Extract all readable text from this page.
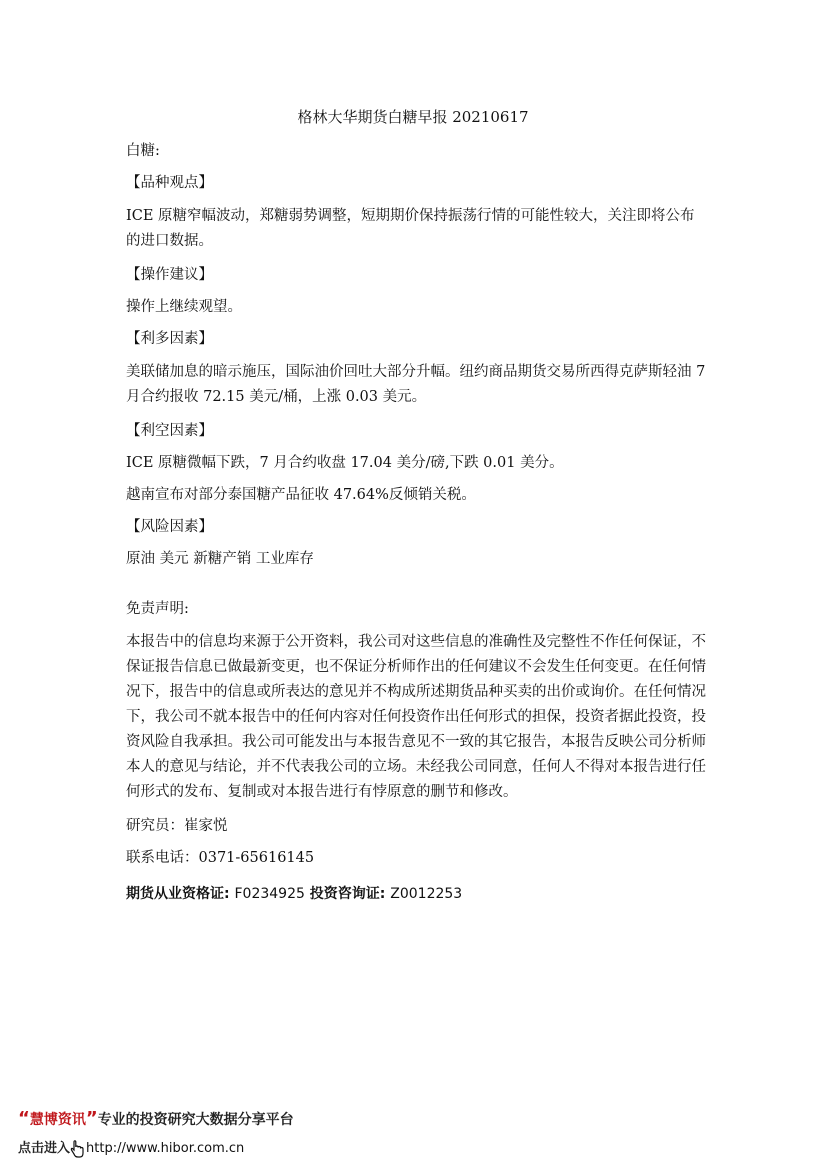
格林大华期货白糖早报 20210617
白糖:
【品种观点】
ICE 原糖窄幅波动，郑糖弱势调整，短期期价保持振荡行情的可能性较大，关注即将公布的进口数据。
【操作建议】
操作上继续观望。
【利多因素】
美联储加息的暗示施压，国际油价回吐大部分升幅。纽约商品期货交易所西得克萨斯轻油 7 月合约报收 72.15 美元/桶，上涨 0.03 美元。
【利空因素】
ICE 原糖微幅下跌，7 月合约收盘 17.04 美分/磅,下跌 0.01 美分。
越南宣布对部分泰国糖产品征收 47.64%反倾销关税。
【风险因素】
原油 美元 新糖产销 工业库存
免责声明:
本报告中的信息均来源于公开资料，我公司对这些信息的准确性及完整性不作任何保证，不保证报告信息已做最新变更，也不保证分析师作出的任何建议不会发生任何变更。在任何情况下，报告中的信息或所表达的意见并不构成所述期货品种买卖的出价或询价。在任何情况下，我公司不就本报告中的任何内容对任何投资作出任何形式的担保，投资者据此投资，投资风险自我承担。我公司可能发出与本报告意见不一致的其它报告，本报告反映公司分析师本人的意见与结论，并不代表我公司的立场。未经我公司同意，任何人不得对本报告进行任何形式的发布、复制或对本报告进行有悖原意的删节和修改。
研究员：崔家悦
联系电话：0371-65616145
期货从业资格证: F0234925 投资咨询证: Z0012253
“慧博资讯”专业的投资研究大数据分享平台
点击进入 http://www.hibor.com.cn
